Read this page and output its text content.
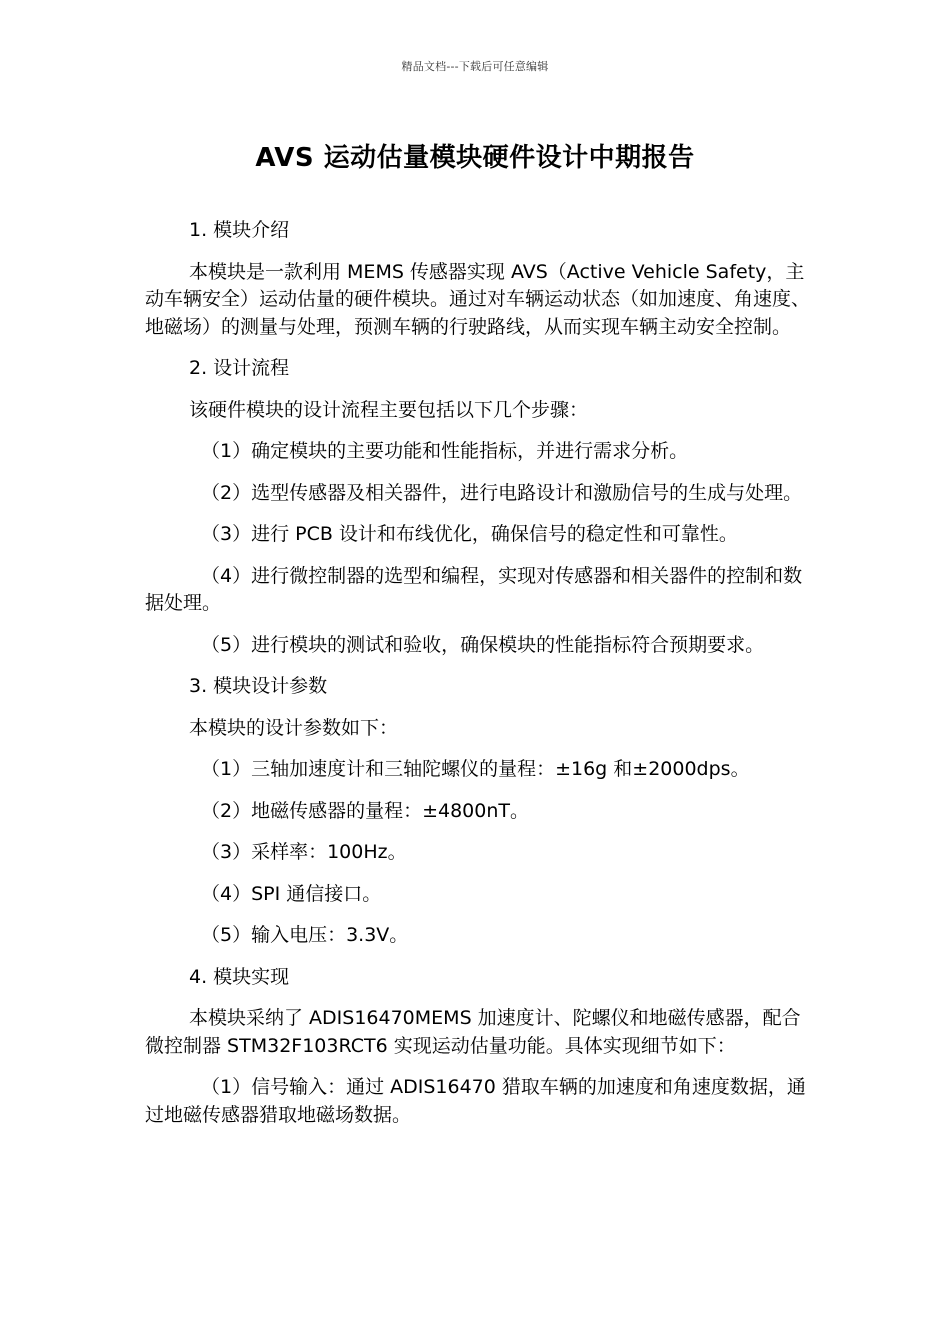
精品文档---下载后可任意编辑
AVS 运动估量模块硬件设计中期报告

1. 模块介绍

本模块是一款利用 MEMS 传感器实现 AVS（Active Vehicle Safety，主动车辆安全）运动估量的硬件模块。通过对车辆运动状态（如加速度、角速度、地磁场）的测量与处理，预测车辆的行驶路线，从而实现车辆主动安全控制。

2. 设计流程

该硬件模块的设计流程主要包括以下几个步骤：

（1）确定模块的主要功能和性能指标，并进行需求分析。

（2）选型传感器及相关器件，进行电路设计和激励信号的生成与处理。

（3）进行 PCB 设计和布线优化，确保信号的稳定性和可靠性。

（4）进行微控制器的选型和编程，实现对传感器和相关器件的控制和数据处理。

（5）进行模块的测试和验收，确保模块的性能指标符合预期要求。

3. 模块设计参数

本模块的设计参数如下：

（1）三轴加速度计和三轴陀螺仪的量程：±16g 和±2000dps。

（2）地磁传感器的量程：±4800nT。

（3）采样率：100Hz。

（4）SPI 通信接口。

（5）输入电压：3.3V。

4. 模块实现

本模块采纳了 ADIS16470MEMS 加速度计、陀螺仪和地磁传感器，配合微控制器 STM32F103RCT6 实现运动估量功能。具体实现细节如下：

（1）信号输入：通过 ADIS16470 猎取车辆的加速度和角速度数据，通过地磁传感器猎取地磁场数据。
